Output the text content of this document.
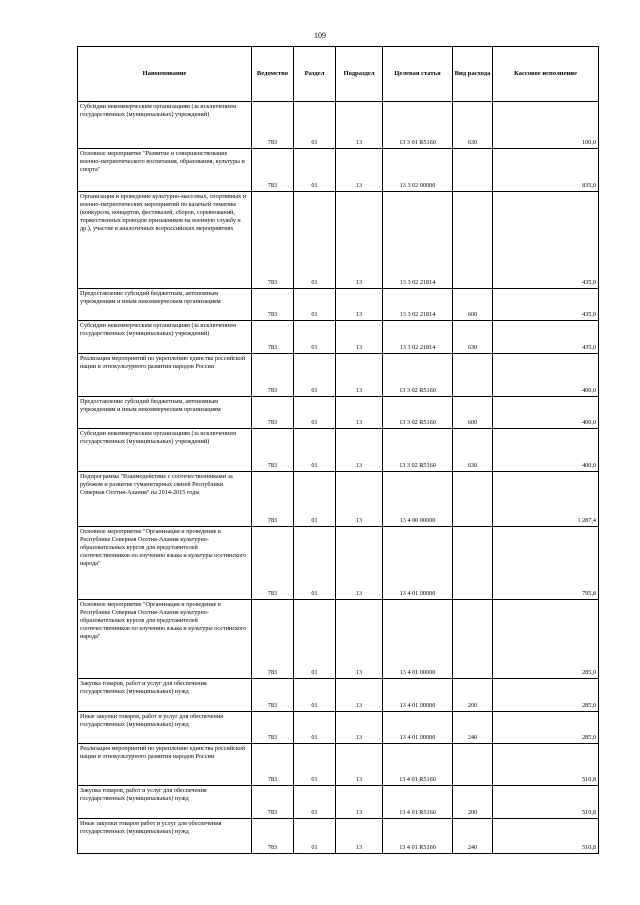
109
Наименование	Ведомство	Раздел	Подраздел	Целевая статья	Вид расхода	Кассовое исполнение
Субсидии некоммерческим организациям (за исключением государственных (муниципальных) учреждений)	783	01	13	13 3 01 R5160	630	100,0
Основное мероприятие "Развитие и совершенствование военно-патриотического воспитания, образования, культуры и спорта"	783	01	13	13 3 02 00000		835,0
Организация и проведение культурно-массовых, спортивных и военно-патриотических мероприятий по казачьей тематике (конкурсов, концертов, фестивалей, сборов, соревнований, торжественных проводов призывников на военную службу и др.), участие в аналогичных всероссийских мероприятиях	783	01	13	13 3 02 21814		435,0
Предоставление субсидий бюджетным, автономным учреждениям и иным некоммерческим организациям	783	01	13	13 3 02 21814	600	435,0
Субсидии некоммерческим организациям (за исключением государственных (муниципальных) учреждений)	783	01	13	13 3 02 21814	630	435,0
Реализация мероприятий по укреплению единства российской нации и этнокультурного развития народов России	783	01	13	13 3 02 R5160		400,0
Предоставление субсидий бюджетным, автономным учреждениям и иным некоммерческим организациям	783	01	13	13 3 02 R5160	600	400,0
Субсидии некоммерческим организациям (за исключением государственных (муниципальных) учреждений)	783	01	13	13 3 02 R5160	630	400,0
Подпрограмма "Взаимодействие с соотечественниками за рубежом и развитие гуманитарных связей Республики Северная Осетия-Алания" на 2014-2015 годы	783	01	13	13 4 00 00000		1 287,4
Основное мероприятие "Организация и проведение в Республике Северная Осетия-Алания культурно-образовательных курсов для представителей соотечественников по изучению языка и культуры осетинского народа"	783	01	13	13 4 01 00000		795,8
Основное мероприятие "Организация и проведение в Республике Северная Осетия-Алания культурно-образовательных курсов для представителей соотечественников по изучению языка и культуры осетинского народа"	783	01	13	13 4 01 00000		285,0
Закупка товаров, работ и услуг для обеспечения государственных (муниципальных) нужд	783	01	13	13 4 01 00000	200	285,0
Иные закупки товаров, работ и услуг для обеспечения государственных (муниципальных) нужд	783	01	13	13 4 01 00000	240	285,0
Реализация мероприятий по укреплению единства российской нации и этнокультурного развития народов России	783	01	13	13 4 01 R5160		510,8
Закупка товаров, работ и услуг для обеспечения государственных (муниципальных) нужд	783	01	13	13 4 01 R5160	200	510,8
Иные закупки товаров работ и услуг для обеспечения государственных (муниципальных) нужд	783	01	13	13 4 01 R5160	240	510,8
